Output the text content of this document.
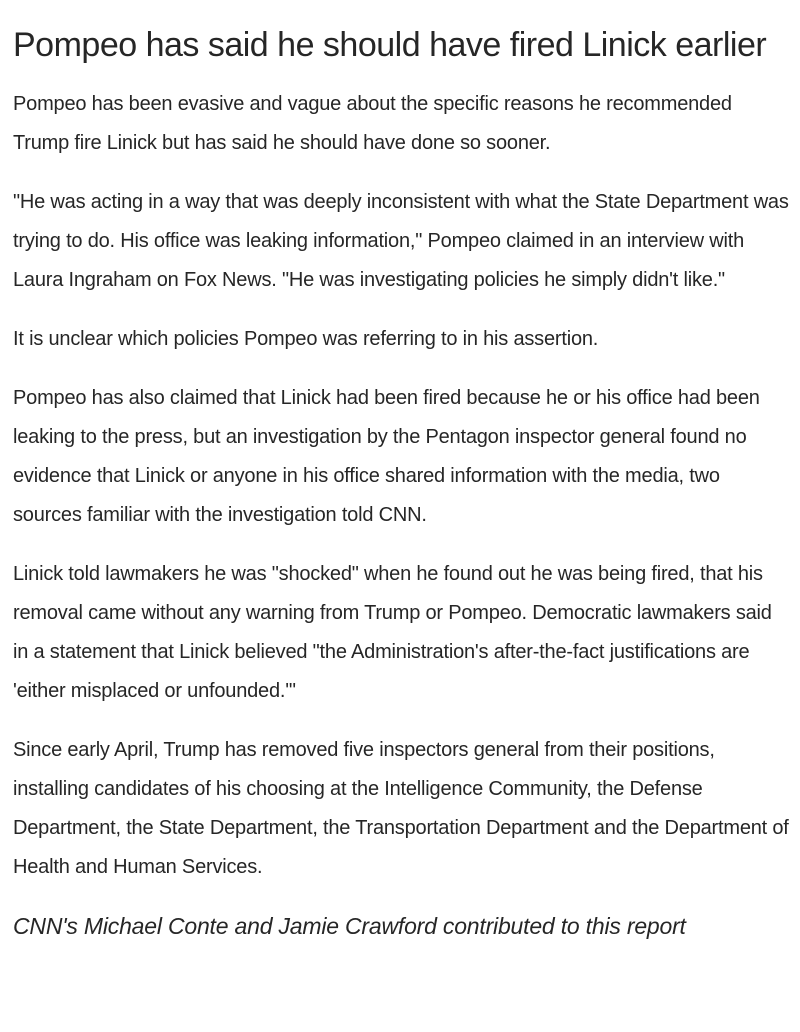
Pompeo has said he should have fired Linick earlier

Pompeo has been evasive and vague about the specific reasons he recommended Trump fire Linick but has said he should have done so sooner.

"He was acting in a way that was deeply inconsistent with what the State Department was trying to do. His office was leaking information," Pompeo claimed in an interview with Laura Ingraham on Fox News. "He was investigating policies he simply didn't like."

It is unclear which policies Pompeo was referring to in his assertion.

Pompeo has also claimed that Linick had been fired because he or his office had been leaking to the press, but an investigation by the Pentagon inspector general found no evidence that Linick or anyone in his office shared information with the media, two sources familiar with the investigation told CNN.

Linick told lawmakers he was "shocked" when he found out he was being fired, that his removal came without any warning from Trump or Pompeo. Democratic lawmakers said in a statement that Linick believed "the Administration's after-the-fact justifications are 'either misplaced or unfounded.'"

Since early April, Trump has removed five inspectors general from their positions, installing candidates of his choosing at the Intelligence Community, the Defense Department, the State Department, the Transportation Department and the Department of Health and Human Services.

CNN's Michael Conte and Jamie Crawford contributed to this report
